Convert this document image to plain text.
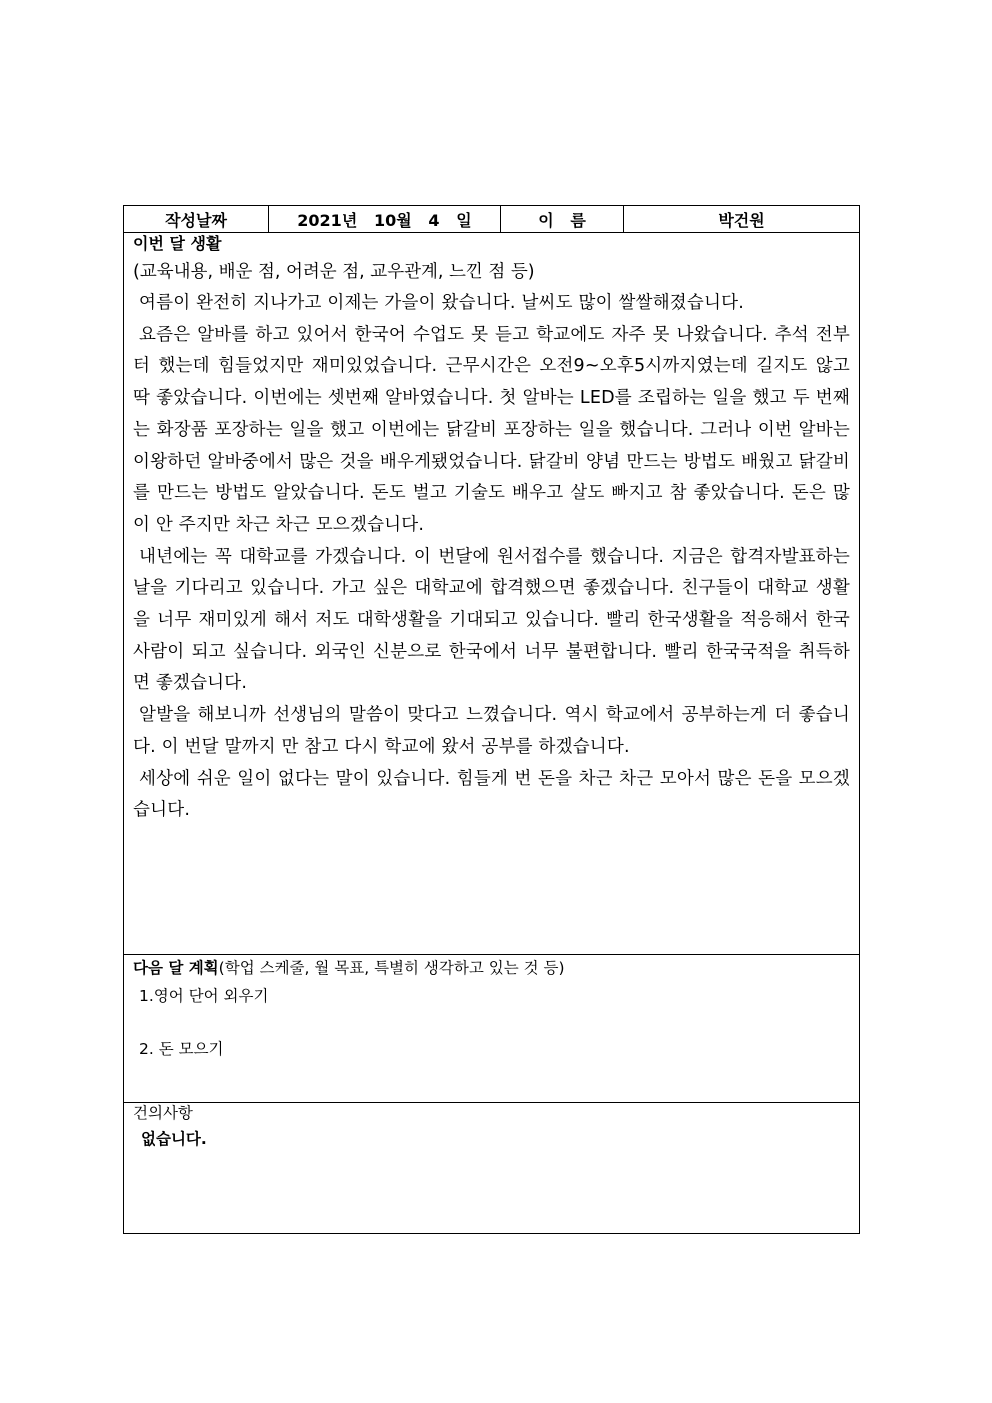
작성날짜	2021년   10월   4   일	이   름	박건원
이번 달 생활
(교육내용, 배운 점, 어려운 점, 교우관계, 느낀 점 등)

여름이 완전히 지나가고 이제는 가을이 왔습니다. 날씨도 많이 쌀쌀해졌습니다.

요즘은 알바를 하고 있어서 한국어 수업도 못 듣고 학교에도 자주 못 나왔습니다. 추석 전부터 했는데 힘들었지만 재미있었습니다. 근무시간은 오전9~오후5시까지였는데 길지도 않고 딱 좋았습니다. 이번에는 셋번째 알바였습니다. 첫 알바는 LED를 조립하는 일을 했고 두 번째는 화장품 포장하는 일을 했고 이번에는 닭갈비 포장하는 일을 했습니다. 그러나 이번 알바는 이왕하던 알바중에서 많은 것을 배우게됐었습니다. 닭갈비 양념 만드는 방법도 배웠고 닭갈비를 만드는 방법도 알았습니다. 돈도 벌고 기술도 배우고 살도 빠지고 참 좋았습니다. 돈은 많이 안 주지만 차근 차근 모으겠습니다.

내년에는 꼭 대학교를 가겠습니다. 이 번달에 원서접수를 했습니다. 지금은 합격자발표하는 날을 기다리고 있습니다. 가고 싶은 대학교에 합격했으면 좋겠습니다. 친구들이 대학교 생활을 너무 재미있게 해서 저도 대학생활을 기대되고 있습니다. 빨리 한국생활을 적응해서 한국사람이 되고 싶습니다. 외국인 신분으로 한국에서 너무 불편합니다. 빨리 한국국적을 취득하면 좋겠습니다.

알발을 해보니까 선생님의 말씀이 맞다고 느꼈습니다. 역시 학교에서 공부하는게 더 좋습니다. 이 번달 말까지 만 참고 다시 학교에 왔서 공부를 하겠습니다.

세상에 쉬운 일이 없다는 말이 있습니다. 힘들게 번 돈을 차근 차근 모아서 많은 돈을 모으겠습니다.

다음 달 계획(학업 스케줄, 월 목표, 특별히 생각하고 있는 것 등)
1.영어 단어 외우기
2. 돈 모으기
건의사항
없습니다.
